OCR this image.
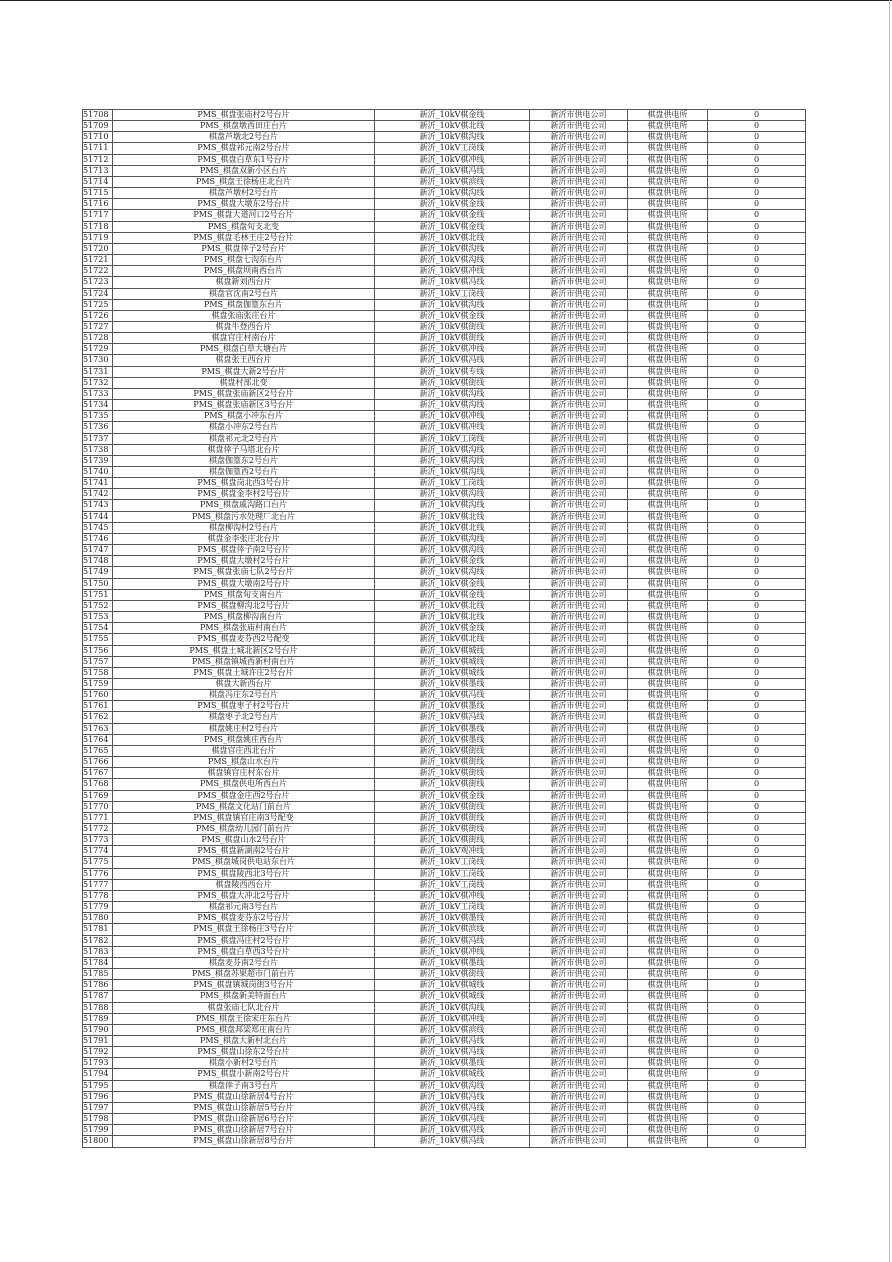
51708	PMS_棋盘张庙村2号台片	新沂_10kV棋金线	新沂市供电公司	棋盘供电所	0
51709	PMS_棋盘墩西田庄台片	新沂_10kV棋北线	新沂市供电公司	棋盘供电所	0
51710	棋盘芦墩北2号台片	新沂_10kV棋沟线	新沂市供电公司	棋盘供电所	0
51711	PMS_棋盘祁元南2号台片	新沂_10kV工岗线	新沂市供电公司	棋盘供电所	0
51712	PMS_棋盘白草东1号台片	新沂_10kV棋冲线	新沂市供电公司	棋盘供电所	0
51713	PMS_棋盘双新小区台片	新沂_10kV棋冯线	新沂市供电公司	棋盘供电所	0
51714	PMS_棋盘王徐杨庄北台片	新沂_10kV棋滨线	新沂市供电公司	棋盘供电所	0
51715	棋盘芦墩村2号台片	新沂_10kV棋沟线	新沂市供电公司	棋盘供电所	0
51716	PMS_棋盘大墩东2号台片	新沂_10kV棋金线	新沂市供电公司	棋盘供电所	0
51717	PMS_棋盘大道河口2号台片	新沂_10kV棋金线	新沂市供电公司	棋盘供电所	0
51718	PMS_棋盘旬支北变	新沂_10kV棋金线	新沂市供电公司	棋盘供电所	0
51719	PMS_棋盘毛林王庄2号台片	新沂_10kV棋北线	新沂市供电公司	棋盘供电所	0
51720	PMS_棋盘倖子2号台片	新沂_10kV棋沟线	新沂市供电公司	棋盘供电所	0
51721	PMS_棋盘七沟东台片	新沂_10kV棋沟线	新沂市供电公司	棋盘供电所	0
51722	PMS_棋盘坝南西台片	新沂_10kV棋冲线	新沂市供电公司	棋盘供电所	0
51723	棋盘新刘西台片	新沂_10kV棋冯线	新沂市供电公司	棋盘供电所	0
51724	棋盘官沈南2号台片	新沂_10kV工岗线	新沂市供电公司	棋盘供电所	0
51725	PMS_棋盘伽篁东台片	新沂_10kV棋沟线	新沂市供电公司	棋盘供电所	0
51726	棋盘张庙张庄台片	新沂_10kV棋金线	新沂市供电公司	棋盘供电所	0
51727	棋盘牛登西台片	新沂_10kV棋街线	新沂市供电公司	棋盘供电所	0
51728	棋盘官庄村南台片	新沂_10kV棋街线	新沂市供电公司	棋盘供电所	0
51729	PMS_棋盘白草大塘台片	新沂_10kV棋冲线	新沂市供电公司	棋盘供电所	0
51730	棋盘张王西台片	新沂_10kV棋冯线	新沂市供电公司	棋盘供电所	0
51731	PMS_棋盘大新2号台片	新沂_10kV棋专线	新沂市供电公司	棋盘供电所	0
51732	棋盘村部北变	新沂_10kV棋街线	新沂市供电公司	棋盘供电所	0
51733	PMS_棋盘张庙新区2号台片	新沂_10kV棋沟线	新沂市供电公司	棋盘供电所	0
51734	PMS_棋盘张庙新区3号台片	新沂_10kV棋沟线	新沂市供电公司	棋盘供电所	0
51735	PMS_棋盘小冲东台片	新沂_10kV棋冲线	新沂市供电公司	棋盘供电所	0
51736	棋盘小冲东2号台片	新沂_10kV棋冲线	新沂市供电公司	棋盘供电所	0
51737	棋盘祁元北2号台片	新沂_10kV工岗线	新沂市供电公司	棋盘供电所	0
51738	棋盘倖子马塔北台片	新沂_10kV棋沟线	新沂市供电公司	棋盘供电所	0
51739	棋盘伽篁东2号台片	新沂_10kV棋沟线	新沂市供电公司	棋盘供电所	0
51740	棋盘伽篁西2号台片	新沂_10kV棋沟线	新沂市供电公司	棋盘供电所	0
51741	PMS_棋盘岗北西3号台片	新沂_10kV工岗线	新沂市供电公司	棋盘供电所	0
51742	PMS_棋盘金李村2号台片	新沂_10kV棋沟线	新沂市供电公司	棋盘供电所	0
51743	PMS_棋盘戚沟路口台片	新沂_10kV棋沟线	新沂市供电公司	棋盘供电所	0
51744	PMS_棋盘污水处理厂北台片	新沂_10kV棋北线	新沂市供电公司	棋盘供电所	0
51745	棋盘柳沟村2号台片	新沂_10kV棋北线	新沂市供电公司	棋盘供电所	0
51746	棋盘金李张庄北台片	新沂_10kV棋沟线	新沂市供电公司	棋盘供电所	0
51747	PMS_棋盘倖子南2号台片	新沂_10kV棋沟线	新沂市供电公司	棋盘供电所	0
51748	PMS_棋盘大墩村2号台片	新沂_10kV棋金线	新沂市供电公司	棋盘供电所	0
51749	PMS_棋盘张庙七队2号台片	新沂_10kV棋沟线	新沂市供电公司	棋盘供电所	0
51750	PMS_棋盘大墩南2号台片	新沂_10kV棋金线	新沂市供电公司	棋盘供电所	0
51751	PMS_棋盘旬支南台片	新沂_10kV棋金线	新沂市供电公司	棋盘供电所	0
51752	PMS_棋盘柳沟北2号台片	新沂_10kV棋北线	新沂市供电公司	棋盘供电所	0
51753	PMS_棋盘柳沟南台片	新沂_10kV棋北线	新沂市供电公司	棋盘供电所	0
51754	PMS_棋盘张庙村南台片	新沂_10kV棋金线	新沂市供电公司	棋盘供电所	0
51755	PMS_棋盘麦芬西2号配变	新沂_10kV棋北线	新沂市供电公司	棋盘供电所	0
51756	PMS_棋盘土城北新区2号台片	新沂_10kV棋城线	新沂市供电公司	棋盘供电所	0
51757	PMS_棋盘镇城西新村南台片	新沂_10kV棋城线	新沂市供电公司	棋盘供电所	0
51758	PMS_棋盘土城许庄2号台片	新沂_10kV棋城线	新沂市供电公司	棋盘供电所	0
51759	棋盘大新西台片	新沂_10kV棋墨线	新沂市供电公司	棋盘供电所	0
51760	棋盘冯庄东2号台片	新沂_10kV棋冯线	新沂市供电公司	棋盘供电所	0
51761	PMS_棋盘枣子村2号台片	新沂_10kV棋墨线	新沂市供电公司	棋盘供电所	0
51762	棋盘枣子北2号台片	新沂_10kV棋冯线	新沂市供电公司	棋盘供电所	0
51763	棋盘姚庄村2号台片	新沂_10kV棋墨线	新沂市供电公司	棋盘供电所	0
51764	PMS_棋盘姚庄西台片	新沂_10kV棋墨线	新沂市供电公司	棋盘供电所	0
51765	棋盘官庄西北台片	新沂_10kV棋街线	新沂市供电公司	棋盘供电所	0
51766	PMS_棋盘山水台片	新沂_10kV棋街线	新沂市供电公司	棋盘供电所	0
51767	棋盘镇官庄村东台片	新沂_10kV棋街线	新沂市供电公司	棋盘供电所	0
51768	PMS_棋盘供电所西台片	新沂_10kV棋街线	新沂市供电公司	棋盘供电所	0
51769	PMS_棋盘金庄西2号台片	新沂_10kV棋金线	新沂市供电公司	棋盘供电所	0
51770	PMS_棋盘文化站门前台片	新沂_10kV棋街线	新沂市供电公司	棋盘供电所	0
51771	PMS_棋盘镇官庄南3号配变	新沂_10kV棋街线	新沂市供电公司	棋盘供电所	0
51772	PMS_棋盘幼儿园门前台片	新沂_10kV棋街线	新沂市供电公司	棋盘供电所	0
51773	PMS_棋盘山水2号台片	新沂_10kV棋街线	新沂市供电公司	棋盘供电所	0
51774	PMS_棋盘新湖南2号台片	新沂_10kV观冲线	新沂市供电公司	棋盘供电所	0
51775	PMS_棋盘城岗供电站东台片	新沂_10kV工岗线	新沂市供电公司	棋盘供电所	0
51776	PMS_棋盘陵西北3号台片	新沂_10kV工岗线	新沂市供电公司	棋盘供电所	0
51777	棋盘陵西西台片	新沂_10kV工岗线	新沂市供电公司	棋盘供电所	0
51778	PMS_棋盘大冲北2号台片	新沂_10kV棋冲线	新沂市供电公司	棋盘供电所	0
51779	棋盘祁元南3号台片	新沂_10kV工岗线	新沂市供电公司	棋盘供电所	0
51780	PMS_棋盘麦芬东2号台片	新沂_10kV棋墨线	新沂市供电公司	棋盘供电所	0
51781	PMS_棋盘王徐杨庄3号台片	新沂_10kV棋滨线	新沂市供电公司	棋盘供电所	0
51782	PMS_棋盘冯庄村2号台片	新沂_10kV棋冯线	新沂市供电公司	棋盘供电所	0
51783	PMS_棋盘白草西3号台片	新沂_10kV棋冲线	新沂市供电公司	棋盘供电所	0
51784	棋盘麦芬南2号台片	新沂_10kV棋墨线	新沂市供电公司	棋盘供电所	0
51785	PMS_棋盘苏果超市门前台片	新沂_10kV棋街线	新沂市供电公司	棋盘供电所	0
51786	PMS_棋盘镇城岗街3号台片	新沂_10kV棋城线	新沂市供电公司	棋盘供电所	0
51787	PMS_棋盘新美特面台片	新沂_10kV棋城线	新沂市供电公司	棋盘供电所	0
51788	棋盘张庙七队北台片	新沂_10kV棋沟线	新沂市供电公司	棋盘供电所	0
51789	PMS_棋盘王徐宋庄东台片	新沂_10kV棋冲线	新沂市供电公司	棋盘供电所	0
51790	PMS_棋盘邦梁郑庄南台片	新沂_10kV棋滨线	新沂市供电公司	棋盘供电所	0
51791	PMS_棋盘大新村北台片	新沂_10kV棋冯线	新沂市供电公司	棋盘供电所	0
51792	PMS_棋盘山徐东2号台片	新沂_10kV棋冯线	新沂市供电公司	棋盘供电所	0
51793	棋盘小新村2号台片	新沂_10kV棋墨线	新沂市供电公司	棋盘供电所	0
51794	PMS_棋盘小新南2号台片	新沂_10kV棋城线	新沂市供电公司	棋盘供电所	0
51795	棋盘倖子南3号台片	新沂_10kV棋沟线	新沂市供电公司	棋盘供电所	0
51796	PMS_棋盘山徐新居4号台片	新沂_10kV棋冯线	新沂市供电公司	棋盘供电所	0
51797	PMS_棋盘山徐新居5号台片	新沂_10kV棋冯线	新沂市供电公司	棋盘供电所	0
51798	PMS_棋盘山徐新居6号台片	新沂_10kV棋冯线	新沂市供电公司	棋盘供电所	0
51799	PMS_棋盘山徐新居7号台片	新沂_10kV棋冯线	新沂市供电公司	棋盘供电所	0
51800	PMS_棋盘山徐新居8号台片	新沂_10kV棋冯线	新沂市供电公司	棋盘供电所	0
